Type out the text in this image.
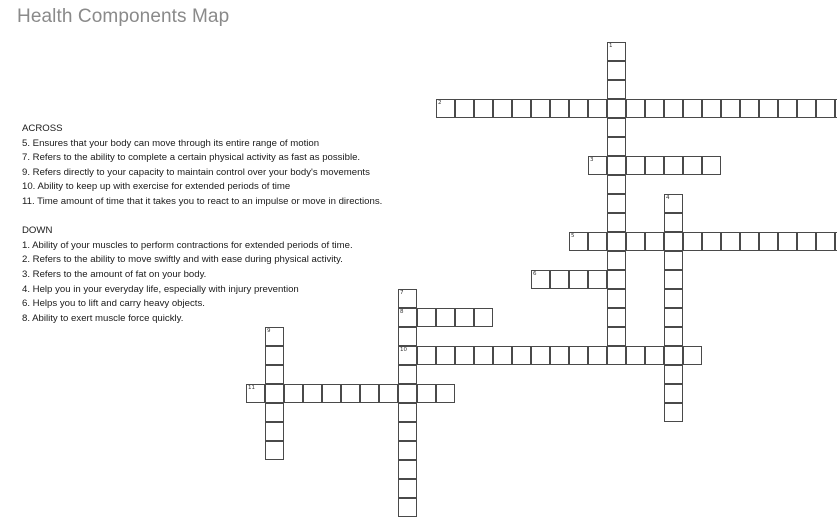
Health Components Map
ACROSS
5. Ensures that your body can move through its entire range of motion
7. Refers to the ability to complete a certain physical activity as fast as possible.
9. Refers directly to your capacity to maintain control over your body's movements
10. Ability to keep up with exercise for extended periods of time
11. Time amount of time that it takes you to react to an impulse or move in directions.
DOWN
1. Ability of your muscles to perform contractions for extended periods of time.
2. Refers to the ability to move swiftly and with ease during physical activity.
3. Refers to the amount of fat on your body.
4. Help you in your everyday life, especially with injury prevention
6. Helps you to lift and carry heavy objects.
8. Ability to exert muscle force quickly.
1
2
3
4
5
6
7
8
10
9
11
